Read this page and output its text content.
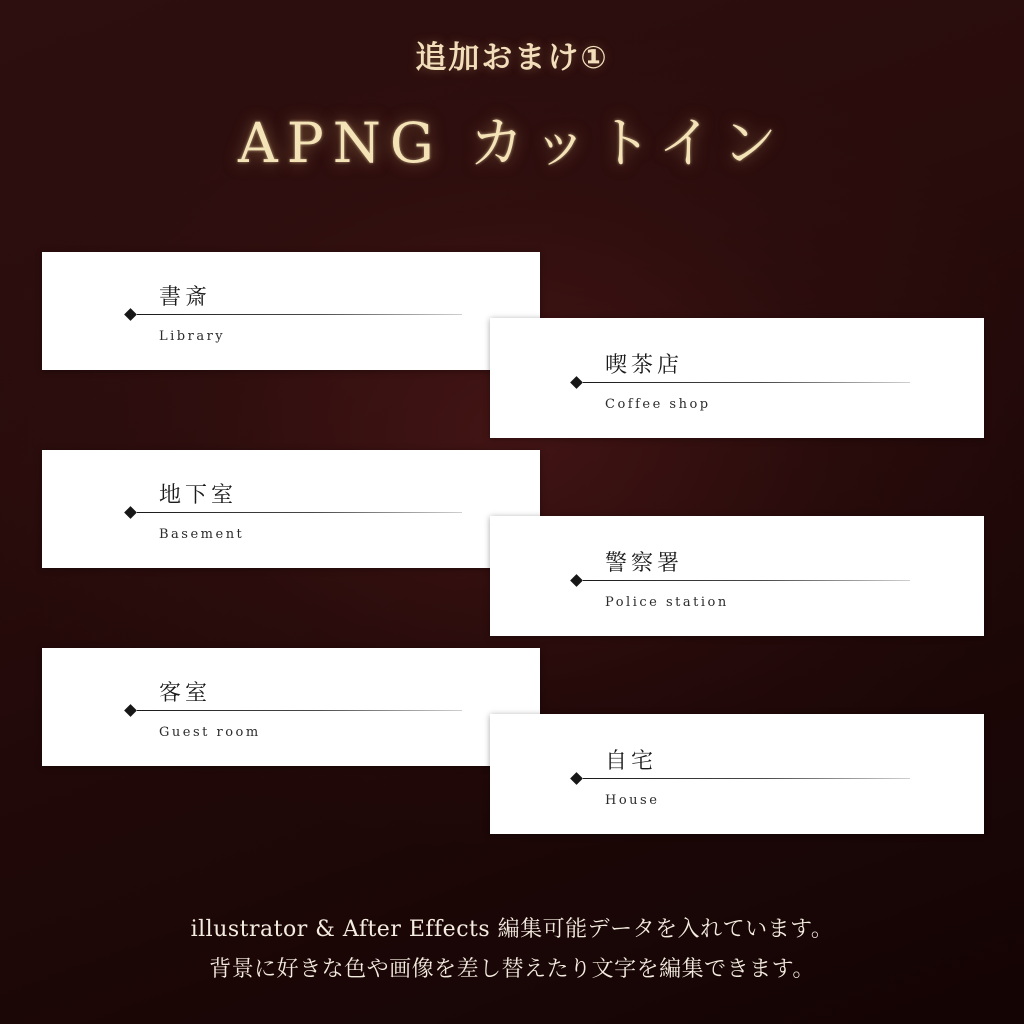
追加おまけ①
APNG カットイン
書斎
Library
喫茶店
Coffee shop
地下室
Basement
警察署
Police station
客室
Guest room
自宅
House
illustrator & After Effects 編集可能データを入れています。
背景に好きな色や画像を差し替えたり文字を編集できます。
